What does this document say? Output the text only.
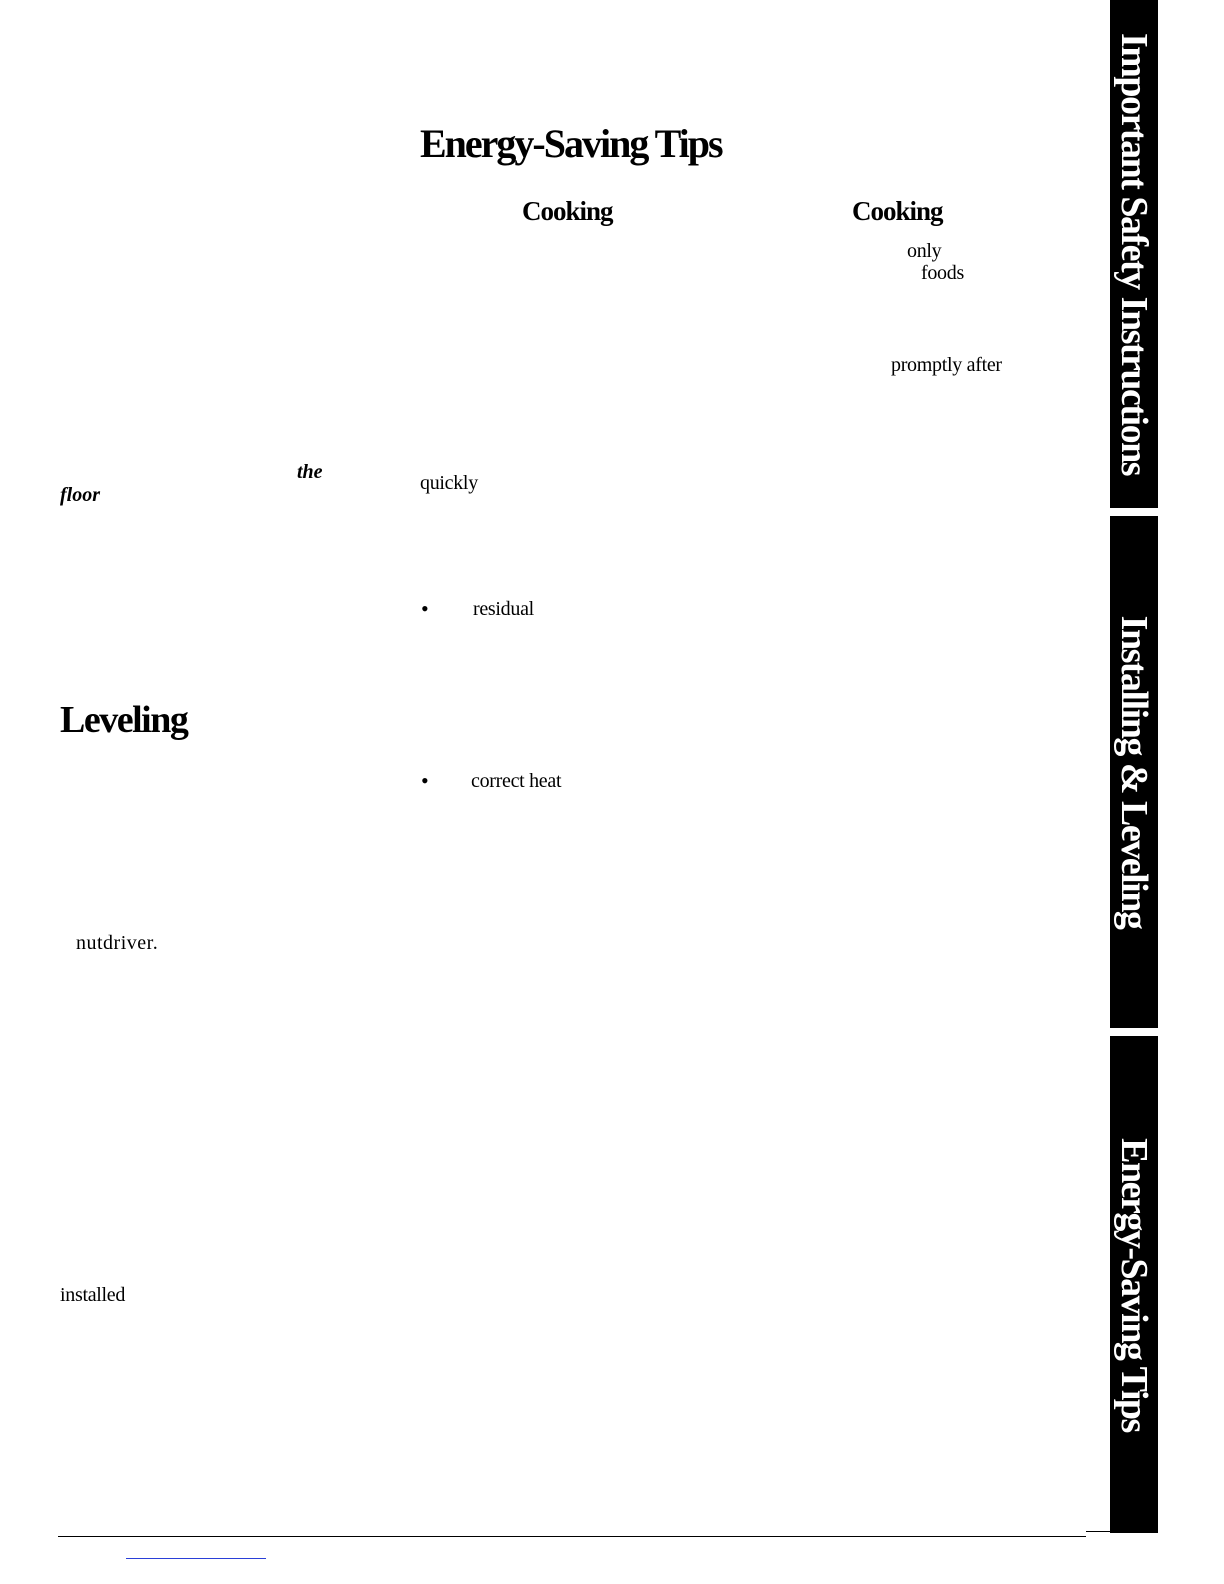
Energy-Saving Tips
Cooking	Cooking
only
foods
promptly after
the
floor
quickly
• residual
• correct heat
Leveling
nutdriver.
installed
Important Safety Instructions
Installing & Leveling
Energy-Saving Tips
